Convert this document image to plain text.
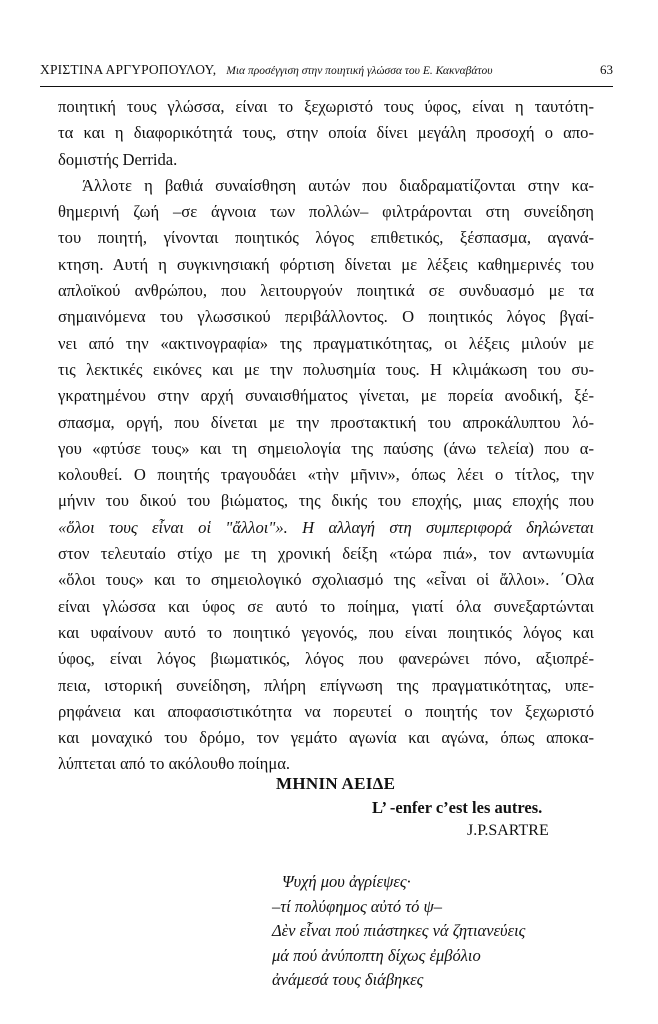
ΧΡΙΣΤΙΝΑ ΑΡΓΥΡΟΠΟΥΛΟΥ, Μια προσέγγιση στην ποιητική γλώσσα του Ε. Κακναβάτου	63

ποιητική τους γλώσσα, είναι το ξεχωριστό τους ύφος, είναι η ταυτότη-
τα και η διαφορικότητά τους, στην οποία δίνει μεγάλη προσοχή ο απο-
δομιστής Derrida.

Άλλοτε η βαθιά συναίσθηση αυτών που διαδραματίζονται στην κα-
θημερινή ζωή –σε άγνοια των πολλών– φιλτράρονται στη συνείδηση
του ποιητή, γίνονται ποιητικός λόγος επιθετικός, ξέσπασμα, αγανά-
κτηση. Αυτή η συγκινησιακή φόρτιση δίνεται με λέξεις καθημερινές του
απλοϊκού ανθρώπου, που λειτουργούν ποιητικά σε συνδυασμό με τα
σημαινόμενα του γλωσσικού περιβάλλοντος. Ο ποιητικός λόγος βγαί-
νει από την «ακτινογραφία» της πραγματικότητας, οι λέξεις μιλούν με
τις λεκτικές εικόνες και με την πολυσημία τους. Η κλιμάκωση του συ-
γκρατημένου στην αρχή συναισθήματος γίνεται, με πορεία ανοδική, ξέ-
σπασμα, οργή, που δίνεται με την προστακτική του απροκάλυπτου λό-
γου «φτύσε τους» και τη σημειολογία της παύσης (άνω τελεία) που α-
κολουθεί. Ο ποιητής τραγουδάει «τὴν μῆνιν», όπως λέει ο τίτλος, την
μήνιν του δικού του βιώματος, της δικής του εποχής, μιας εποχής που
«ὅλοι τους εἶναι οἱ "ἄλλοι"». Η αλλαγή στη συμπεριφορά δηλώνεται
στον τελευταίο στίχο με τη χρονική δείξη «τώρα πιά», τον αντωνυμία
«ὅλοι τους» και το σημειολογικό σχολιασμό της «εἶναι οἱ ἄλλοι». ΄Ολα
είναι γλώσσα και ύφος σε αυτό το ποίημα, γιατί όλα συνεξαρτώνται
και υφαίνουν αυτό το ποιητικό γεγονός, που είναι ποιητικός λόγος και
ύφος, είναι λόγος βιωματικός, λόγος που φανερώνει πόνο, αξιοπρέ-
πεια, ιστορική συνείδηση, πλήρη επίγνωση της πραγματικότητας, υπε-
ρηφάνεια και αποφασιστικότητα να πορευτεί ο ποιητής τον ξεχωριστό
και μοναχικό του δρόμο, τον γεμάτο αγωνία και αγώνα, όπως αποκα-
λύπτεται από το ακόλουθο ποίημα.

ΜΗΝΙΝ ΑΕΙΔΕ
L’ -enfer c’est les autres.
J.P.SARTRE
Ψυχή μου ἀγρίεψες·
–τί πολύφημος αὐτό τό ψ–
Δὲν εἶναι πού πιάστηκες νά ζητιανεύεις
μά πού ἀνύποπτη δίχως ἐμβόλιο
ἀνάμεσά τους διάβηκες
